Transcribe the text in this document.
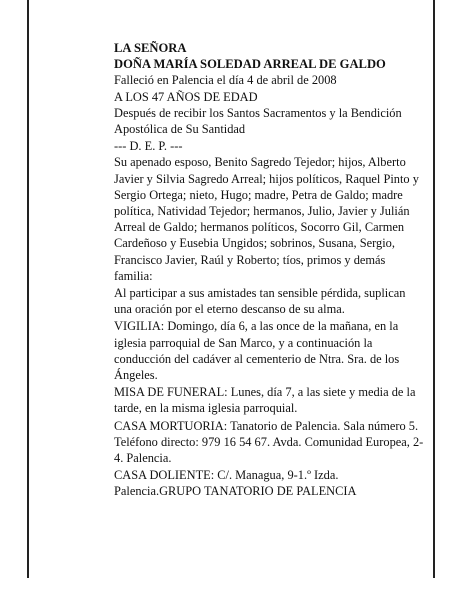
LA SEÑORA
DOÑA MARÍA SOLEDAD ARREAL DE GALDO
Falleció en Palencia el día 4 de abril de 2008
A LOS 47 AÑOS DE EDAD
Después de recibir los Santos Sacramentos y la Bendición Apostólica de Su Santidad
--- D. E. P. ---
Su apenado esposo, Benito Sagredo Tejedor; hijos, Alberto Javier y Silvia Sagredo Arreal; hijos políticos, Raquel Pinto y Sergio Ortega; nieto, Hugo; madre, Petra de Galdo; madre política, Natividad Tejedor; hermanos, Julio, Javier y Julián Arreal de Galdo; hermanos políticos, Socorro Gil, Carmen Cardeñoso y Eusebia Ungidos; sobrinos, Susana, Sergio, Francisco Javier, Raúl y Roberto; tíos, primos y demás familia:
Al participar a sus amistades tan sensible pérdida, suplican una oración por el eterno descanso de su alma.
VIGILIA: Domingo, día 6, a las once de la mañana, en la iglesia parroquial de San Marco, y a continuación la conducción del cadáver al cementerio de Ntra. Sra. de los Ángeles.
MISA DE FUNERAL: Lunes, día 7, a las siete y media de la tarde, en la misma iglesia parroquial.
CASA MORTUORIA: Tanatorio de Palencia. Sala número 5. Teléfono directo: 979 16 54 67. Avda. Comunidad Europea, 2-4. Palencia.
CASA DOLIENTE: C/. Managua, 9-1.º Izda. Palencia.GRUPO TANATORIO DE PALENCIA
